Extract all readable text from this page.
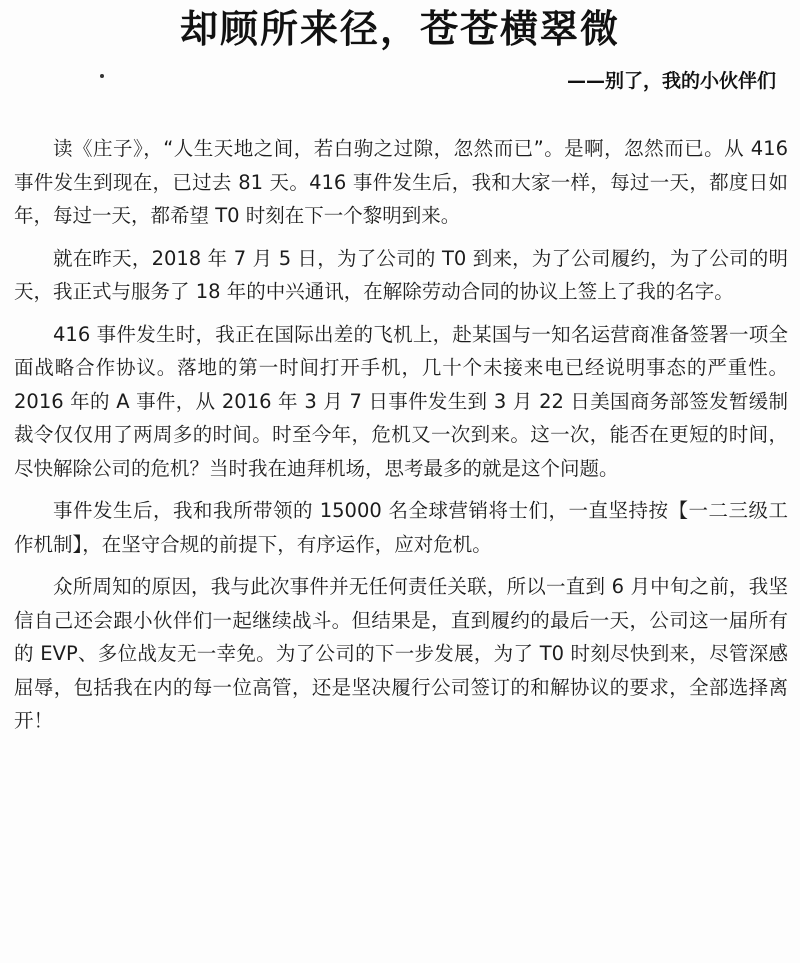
却顾所来径，苍苍横翠微
——别了，我的小伙伴们

读《庄子》，“人生天地之间，若白驹之过隙，忽然而已”。是啊，忽然而已。从 416 事件发生到现在，已过去 81 天。416 事件发生后，我和大家一样，每过一天，都度日如年，每过一天，都希望 T0 时刻在下一个黎明到来。

就在昨天，2018 年 7 月 5 日，为了公司的 T0 到来，为了公司履约，为了公司的明天，我正式与服务了 18 年的中兴通讯，在解除劳动合同的协议上签上了我的名字。

416 事件发生时，我正在国际出差的飞机上，赴某国与一知名运营商准备签署一项全面战略合作协议。落地的第一时间打开手机，几十个未接来电已经说明事态的严重性。2016 年的 A 事件，从 2016 年 3 月 7 日事件发生到 3 月 22 日美国商务部签发暂缓制裁令仅仅用了两周多的时间。时至今年，危机又一次到来。这一次，能否在更短的时间，尽快解除公司的危机？当时我在迪拜机场，思考最多的就是这个问题。

事件发生后，我和我所带领的 15000 名全球营销将士们，一直坚持按【一二三级工作机制】，在坚守合规的前提下，有序运作，应对危机。

众所周知的原因，我与此次事件并无任何责任关联，所以一直到 6 月中旬之前，我坚信自己还会跟小伙伴们一起继续战斗。但结果是，直到履约的最后一天，公司这一届所有的 EVP、多位战友无一幸免。为了公司的下一步发展，为了 T0 时刻尽快到来，尽管深感屈辱，包括我在内的每一位高管，还是坚决履行公司签订的和解协议的要求，全部选择离开！
